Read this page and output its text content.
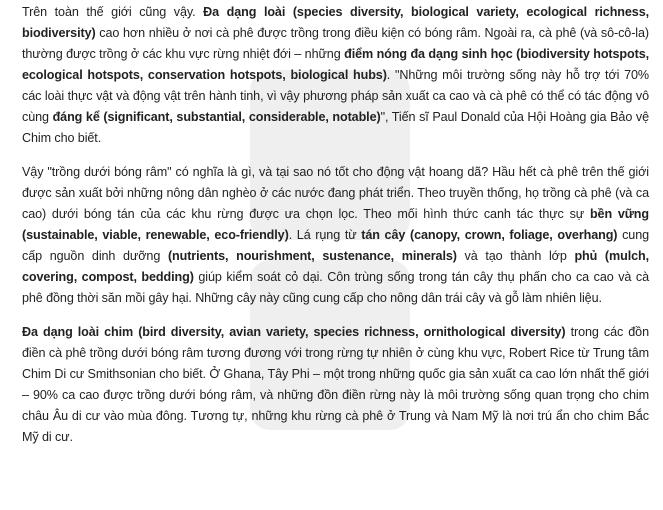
Trên toàn thế giới cũng vậy. Đa dạng loài (species diversity, biological variety, ecological richness, biodiversity) cao hơn nhiều ở nơi cà phê được trồng trong điều kiện có bóng râm. Ngoài ra, cà phê (và sô-cô-la) thường được trồng ở các khu vực rừng nhiệt đới – những điểm nóng đa dạng sinh học (biodiversity hotspots, ecological hotspots, conservation hotspots, biological hubs). "Những môi trường sống này hỗ trợ tới 70% các loài thực vật và động vật trên hành tinh, vì vậy phương pháp sản xuất ca cao và cà phê có thể có tác động vô cùng đáng kể (significant, substantial, considerable, notable)", Tiến sĩ Paul Donald của Hội Hoàng gia Bảo vệ Chim cho biết.

Vậy "trồng dưới bóng râm" có nghĩa là gì, và tại sao nó tốt cho động vật hoang dã? Hầu hết cà phê trên thế giới được sản xuất bởi những nông dân nghèo ở các nước đang phát triển. Theo truyền thống, họ trồng cà phê (và ca cao) dưới bóng tán của các khu rừng được ưa chọn lọc. Theo mối hình thức canh tác thực sự bền vững (sustainable, viable, renewable, eco-friendly). Lá rụng từ tán cây (canopy, crown, foliage, overhang) cung cấp nguồn dinh dưỡng (nutrients, nourishment, sustenance, minerals) và tạo thành lớp phủ (mulch, covering, compost, bedding) giúp kiểm soát cỏ dại. Côn trùng sống trong tán cây thụ phấn cho ca cao và cà phê đồng thời săn mồi gây hại. Những cây này cũng cung cấp cho nông dân trái cây và gỗ làm nhiên liệu.

Đa dạng loài chim (bird diversity, avian variety, species richness, ornithological diversity) trong các đồn điền cà phê trồng dưới bóng râm tương đương với trong rừng tự nhiên ở cùng khu vực, Robert Rice từ Trung tâm Chim Di cư Smithsonian cho biết. Ở Ghana, Tây Phi – một trong những quốc gia sản xuất ca cao lớn nhất thế giới – 90% ca cao được trồng dưới bóng râm, và những đồn điền rừng này là môi trường sống quan trọng cho chim châu Âu di cư vào mùa đông. Tương tự, những khu rừng cà phê ở Trung và Nam Mỹ là nơi trú ẩn cho chim Bắc Mỹ di cư.
